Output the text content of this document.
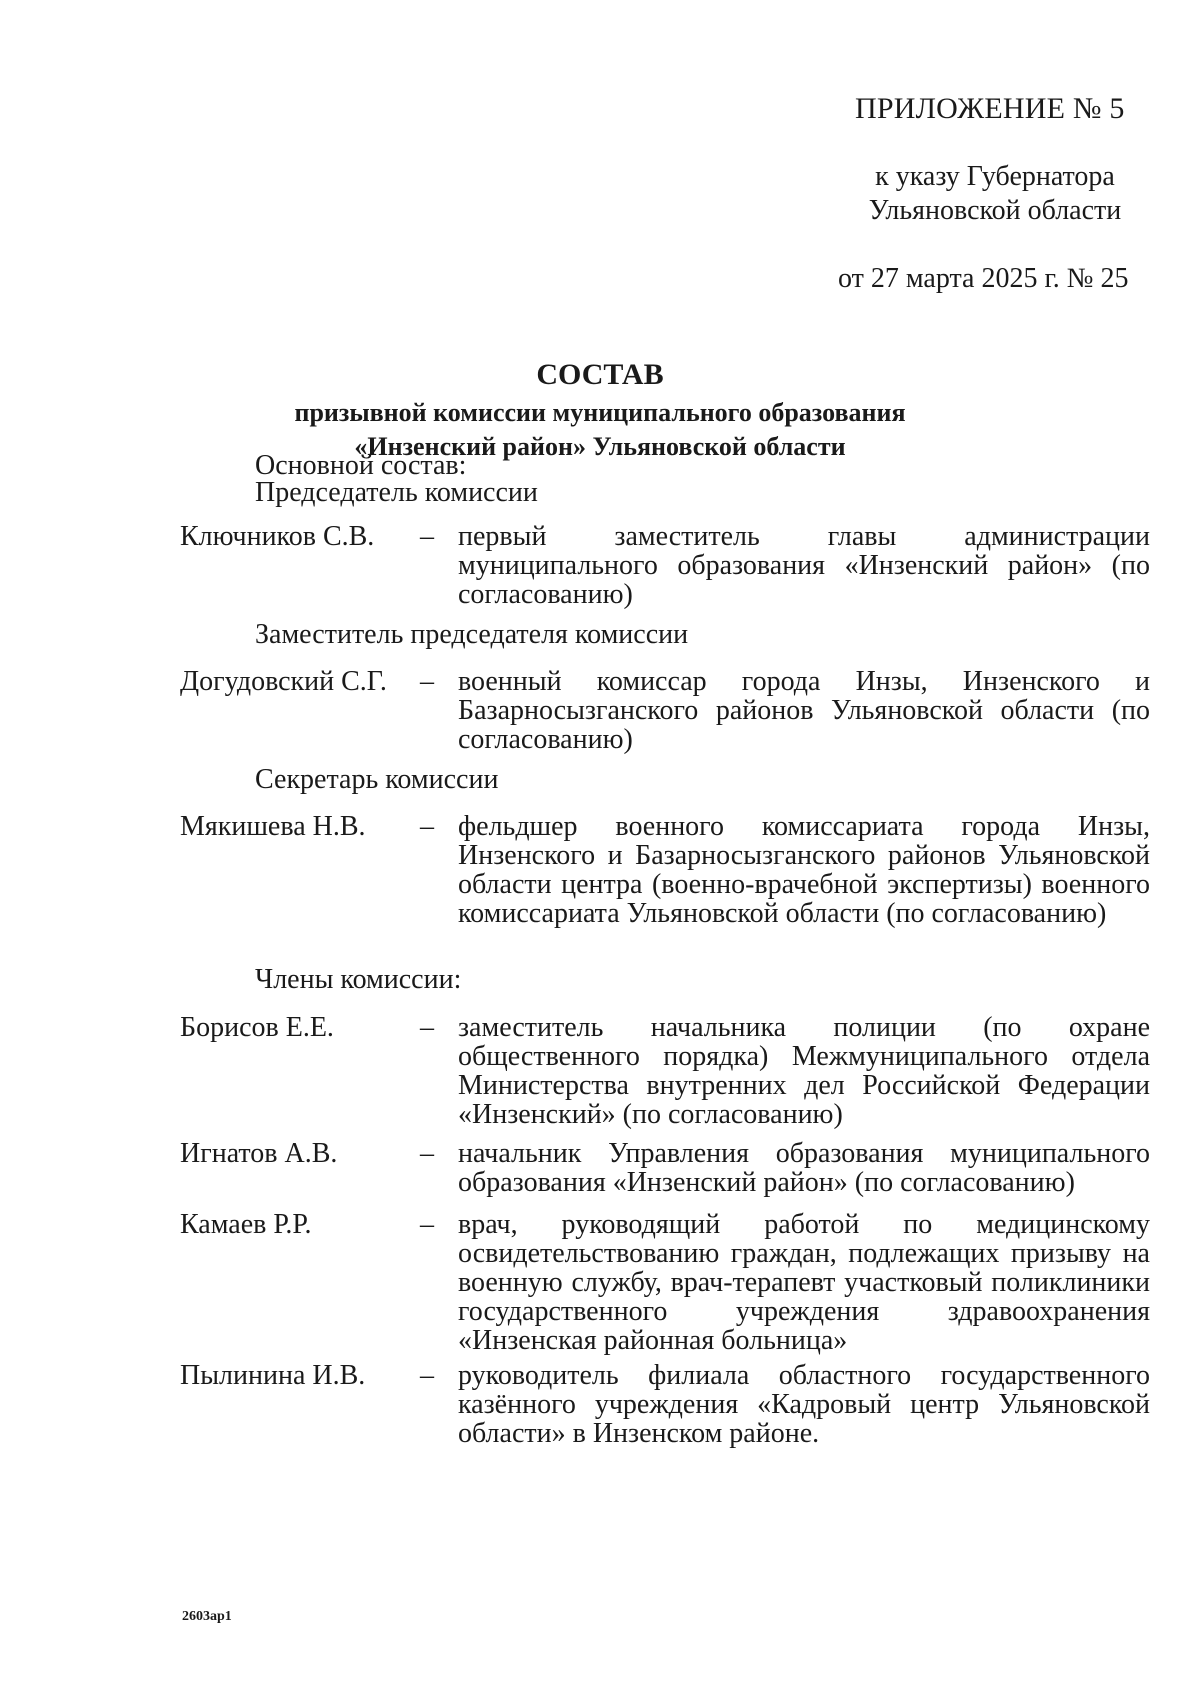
ПРИЛОЖЕНИЕ № 5
к указу Губернатора
Ульяновской области
от 27 марта 2025 г. № 25
СОСТАВ
призывной комиссии муниципального образования
«Инзенский район» Ульяновской области
Основной состав:
Председатель комиссии
Ключников С.В. – первый заместитель главы администрации муниципального образования «Инзенский район» (по согласованию)
Заместитель председателя комиссии
Догудовский С.Г. – военный комиссар города Инзы, Инзенского и Базарносызганского районов Ульяновской области (по согласованию)
Секретарь комиссии
Мякишева Н.В. – фельдшер военного комиссариата города Инзы, Инзенского и Базарносызганского районов Ульяновской области центра (военно-врачебной экспертизы) военного комиссариата Ульяновской области (по согласованию)
Члены комиссии:
Борисов Е.Е.	– заместитель начальника полиции (по охране общественного порядка) Межмуниципального отдела Министерства внутренних дел Российской Федерации «Инзенский» (по согласованию)
Игнатов А.В.	– начальник Управления образования муниципального образования «Инзенский район» (по согласованию)
Камаев Р.Р.	– врач, руководящий работой по медицинскому освидетельствованию граждан, подлежащих призыву на военную службу, врач-терапевт участковый поликлиники государственного учреждения здравоохранения «Инзенская районная больница»
Пылинина И.В. – руководитель филиала областного государственного казённого учреждения «Кадровый центр Ульяновской области» в Инзенском районе.
2603ap1
